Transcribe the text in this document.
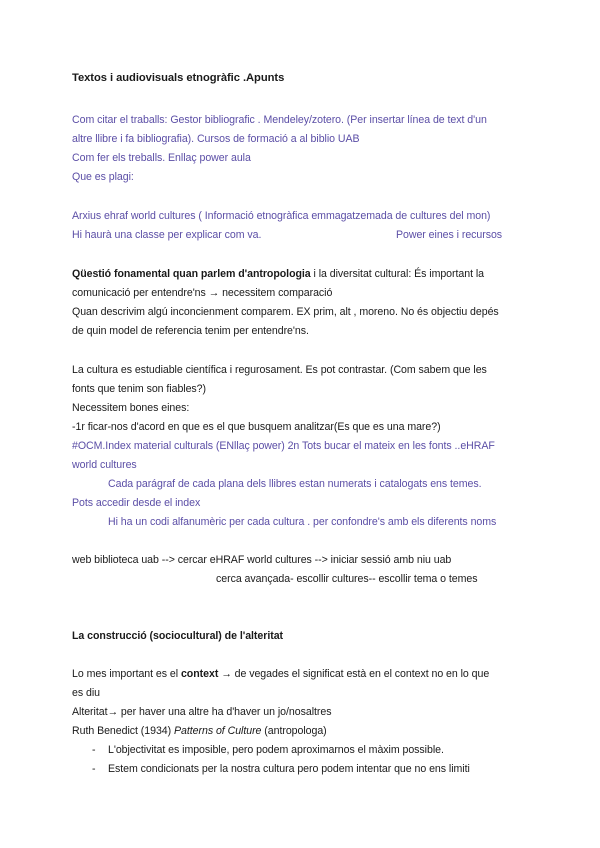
Textos i audiovisuals etnogràfic .Apunts
Com citar el traballs: Gestor bibliografic . Mendeley/zotero. (Per insertar línea de text d'un
altre llibre i fa bibliografia). Cursos de formació a al biblio UAB
Com fer els treballs. Enllaç power aula
Que es plagi:
Arxius ehraf world cultures ( Informació etnogràfica emmagatzemada de cultures del mon)
Hi haurà una classe per explicar com va.	Power eines i recursos
Qüestió fonamental quan parlem d'antropologia i la diversitat cultural: És important la
comunicació per entendre'ns → necessitem comparació
Quan descrivim algú inconcienment comparem. EX prim, alt , moreno. No és objectiu depés
de quin model de referencia tenim per entendre'ns.
La cultura es estudiable científica i regurosament. Es pot contrastar. (Com sabem que les
fonts que tenim son fiables?)
Necessitem bones eines:
-1r ficar-nos d'acord en que es el que busquem analitzar(Es que es una mare?)
#OCM.Index material culturals (ENllaç power) 2n Tots bucar el mateix en les fonts ..eHRAF
world cultures
Cada parágraf de cada plana dels llibres estan numerats i catalogats ens temes.
Pots accedir desde el index
Hi ha un codi alfanumèric per cada cultura . per confondre's amb els diferents noms
web biblioteca uab --> cercar eHRAF world cultures --> iniciar sessió amb niu uab
cerca avançada- escollir cultures-- escollir tema o temes
La construcció (sociocultural) de l'alteritat
Lo mes important es el context → de vegades el significat està en el context no en lo que
es diu
Alteritat→ per haver una altre ha d'haver un jo/nosaltres
Ruth Benedict (1934) Patterns of Culture (antropologa)
- L'objectivitat es imposible, pero podem aproximarnos el màxim possible.
- Estem condicionats per la nostra cultura pero podem intentar que no ens limiti
